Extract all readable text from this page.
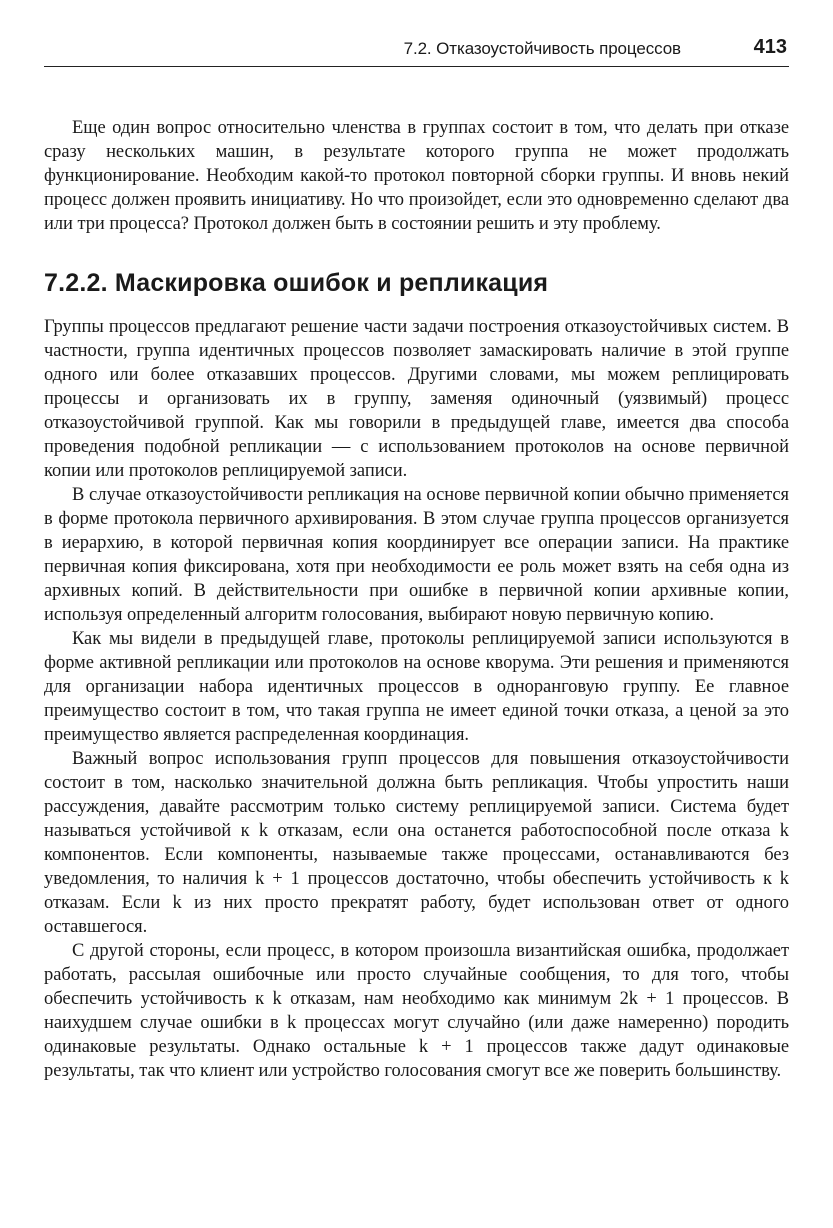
7.2. Отказоустойчивость процессов	413

Еще один вопрос относительно членства в группах состоит в том, что делать при отказе сразу нескольких машин, в результате которого группа не может продолжать функционирование. Необходим какой-то протокол повторной сборки группы. И вновь некий процесс должен проявить инициативу. Но что произойдет, если это одновременно сделают два или три процесса? Протокол должен быть в состоянии решить и эту проблему.

7.2.2. Маскировка ошибок и репликация

Группы процессов предлагают решение части задачи построения отказоустойчивых систем. В частности, группа идентичных процессов позволяет замаскировать наличие в этой группе одного или более отказавших процессов. Другими словами, мы можем реплицировать процессы и организовать их в группу, заменяя одиночный (уязвимый) процесс отказоустойчивой группой. Как мы говорили в предыдущей главе, имеется два способа проведения подобной репликации — с использованием протоколов на основе первичной копии или протоколов реплицируемой записи.

В случае отказоустойчивости репликация на основе первичной копии обычно применяется в форме протокола первичного архивирования. В этом случае группа процессов организуется в иерархию, в которой первичная копия координирует все операции записи. На практике первичная копия фиксирована, хотя при необходимости ее роль может взять на себя одна из архивных копий. В действительности при ошибке в первичной копии архивные копии, используя определенный алгоритм голосования, выбирают новую первичную копию.

Как мы видели в предыдущей главе, протоколы реплицируемой записи используются в форме активной репликации или протоколов на основе кворума. Эти решения и применяются для организации набора идентичных процессов в одноранговую группу. Ее главное преимущество состоит в том, что такая группа не имеет единой точки отказа, а ценой за это преимущество является распределенная координация.

Важный вопрос использования групп процессов для повышения отказоустойчивости состоит в том, насколько значительной должна быть репликация. Чтобы упростить наши рассуждения, давайте рассмотрим только систему реплицируемой записи. Система будет называться устойчивой к k отказам, если она останется работоспособной после отказа k компонентов. Если компоненты, называемые также процессами, останавливаются без уведомления, то наличия k + 1 процессов достаточно, чтобы обеспечить устойчивость к k отказам. Если k из них просто прекратят работу, будет использован ответ от одного оставшегося.

С другой стороны, если процесс, в котором произошла византийская ошибка, продолжает работать, рассылая ошибочные или просто случайные сообщения, то для того, чтобы обеспечить устойчивость к k отказам, нам необходимо как минимум 2k + 1 процессов. В наихудшем случае ошибки в k процессах могут случайно (или даже намеренно) породить одинаковые результаты. Однако остальные k + 1 процессов также дадут одинаковые результаты, так что клиент или устройство голосования смогут все же поверить большинству.
